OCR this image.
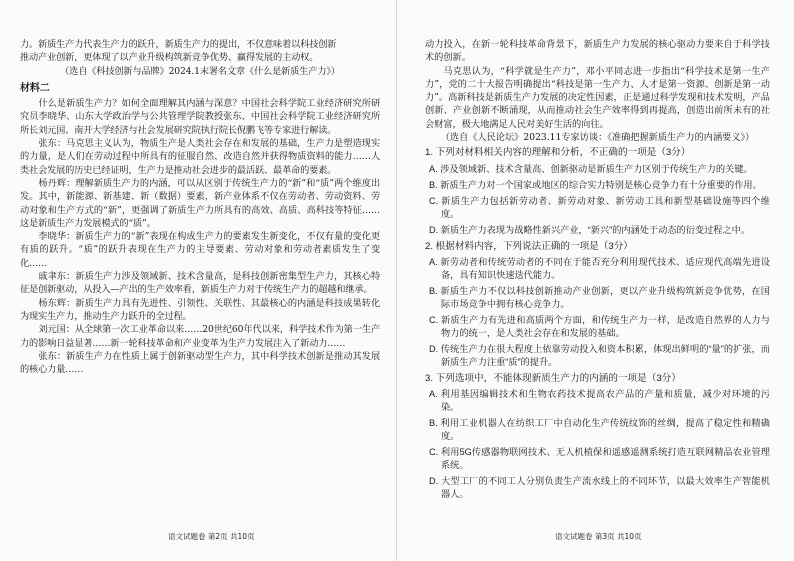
力。新质生产力代表生产力的跃升，新质生产力的提出，不仅意味着以科技创新

推动产业创新，更体现了以产业升级构筑新竞争优势、赢得发展的主动权。

（选自《科技创新与品牌》2024.1末署名文章《什么是新质生产力》）

材料二

什么是新质生产力？如何全面理解其内涵与深意？中国社会科学院工业经济研究所研究员李晓华、山东大学政治学与公共管理学院教授张东、中国社会科学院工业经济研究所所长刘元国、南开大学经济与社会发展研究院执行院长倪鹏飞等专家进行解读。

张东：马克思主义认为，物质生产是人类社会存在和发展的基础，生产力是塑造现实的力量，是人们在劳动过程中所具有的征服自然、改造自然并获得物质资料的能力……人类社会发展的历史已经证明，生产力是推动社会进步的最活跃、最革命的要素。

杨丹辉：理解新质生产力的内涵，可以从区别于传统生产力的“新”和“质”两个维度出发。其中，新能源、新基建、新（数据）要素，新产业体系不仅在劳动者、劳动资料、劳动对象和生产方式的“新”，更强调了新质生产力所具有的高效、高质、高科技等特征……这是新质生产力发展模式的“质”。

李晓华：新质生产力的“新”表现在构成生产力的要素发生新变化，不仅有量的变化更有质的跃升。“质”的跃升表现在生产力的主导要素、劳动对象和劳动者素质发生了变化……

戚聿东：新质生产力涉及领域新、技术含量高，是科技创新密集型生产力，其核心特征是创新驱动，从投入—产出的生产效率看，新质生产力对于传统生产力的超越和继承。

杨东辉：新质生产力具有先进性、引领性、关联性、其最核心的内涵是科技成果转化为现实生产力，推动生产力跃升的全过程。

刘元国：从全球第一次工业革命以来……20世纪60年代以来，科学技术作为第一生产力的影响日益显著……新一轮科技革命和产业变革为生产力发展注入了新动力……

张东：新质生产力在性质上属于创新驱动型生产力，其中科学技术创新是推动其发展的核心力量……

语文试题卷 第2页 共10页	语文试题卷 第3页 共10页

动力投入，在新一轮科技革命背景下，新质生产力发展的核心驱动力要来自于科学技术的创新。

马克思认为，“科学就是生产力”，邓小平同志进一步指出“科学技术是第一生产力”，党的二十大报告明确提出“科技是第一生产力、人才是第一资源、创新是第一动力”。高新科技是新质生产力发展的决定性因素，正是通过科学发现和技术发明，产品创新、产业创新不断涌现，从而推动社会生产效率得到再提高，创造出前所未有的社会财富，极大地满足人民对美好生活的向往。

（选自《人民论坛》2023.11专家访谈：《准确把握新质生产力的内涵要义》）

1. 下列对材料相关内容的理解和分析，不正确的一项是（3分）

A. 涉及领域新、技术含量高、创新驱动是新质生产力区别于传统生产力的关键。

B. 新质生产力对一个国家或地区的综合实力特别是核心竞争力有十分重要的作用。

C. 新质生产力包括新劳动者、新劳动对象、新劳动工具和新型基础设施等四个维度。

D. 新质生产力表现为战略性新兴产业，“新兴”的内涵处于动态的衍变过程之中。

2. 根据材料内容，下列说法正确的一项是（3分）

A. 新劳动者和传统劳动者的不同在于能否充分利用现代技术、适应现代高端先进设备，具有知识快速迭代能力。

B. 新质生产力不仅以科技创新推动产业创新，更以产业升级构筑新竞争优势，在国际市场竞争中拥有核心竞争力。

C. 新质生产力有先进和高质两个方面，和传统生产力一样，是改造自然界的人力与物力的统一，是人类社会存在和发展的基础。

D. 传统生产力在很大程度上依靠劳动投入和资本积累，体现出鲜明的“量”的扩张，而新质生产力注重“质”的提升。

3. 下列选项中，不能体现新质生产力的内涵的一项是（3分）

A. 利用基因编辑技术和生物农药技术提高农产品的产量和质量，减少对环境的污染。

B. 利用工业机器人在纺织工厂中自动化生产传统纹饰的丝绸，提高了稳定性和精确度。

C. 利用5G传感器物联网技术、无人机植保和遥感遥测系统打造互联网精品农业管理系统。

D. 大型工厂的不同工人分别负责生产流水线上的不同环节，以最大效率生产智能机器人。
